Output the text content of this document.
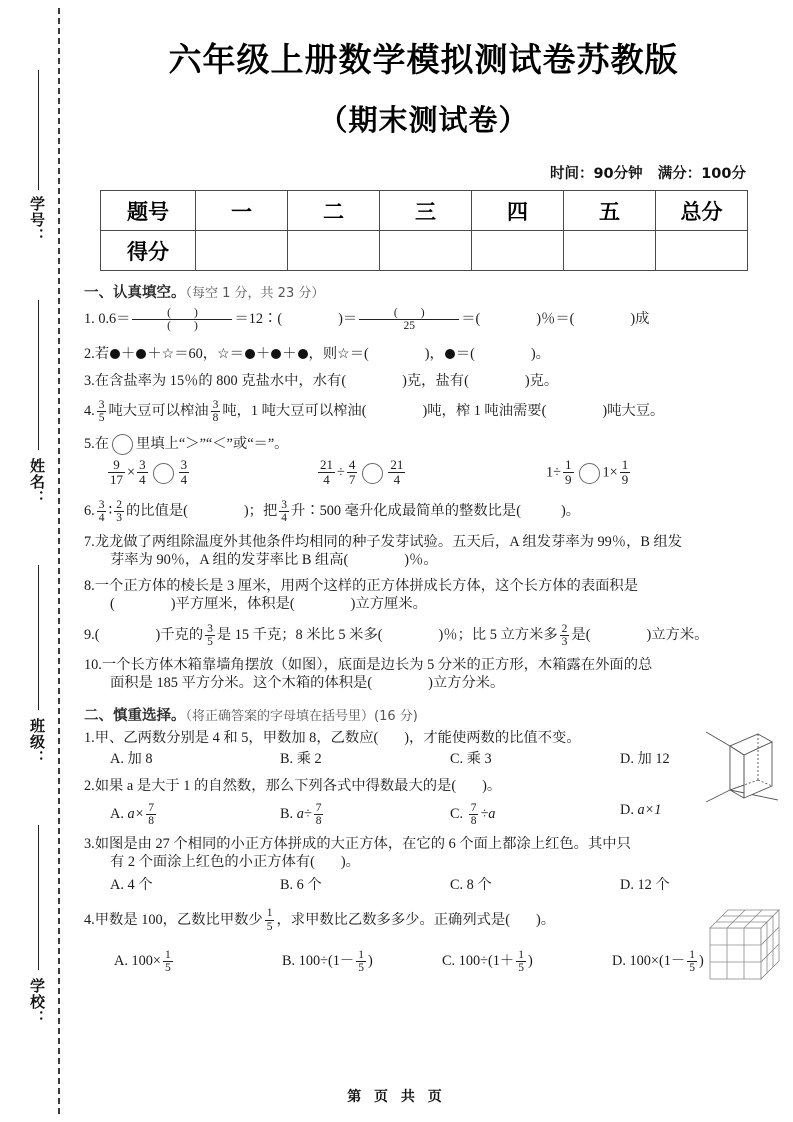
学号：
姓名：
班级：
学校：
六年级上册数学模拟测试卷苏教版
（期末测试卷）
时间：90分钟 满分：100分
题号	一	二	三	四	五	总分
得分						
一、认真填空。（每空 1 分，共 23 分）
1. $0.6= \frac{( )}{( )}$ ＝12∶(	)＝ $\frac{( )}{25}$ ＝(	)％＝(	)成
2.若 ＋ ＋☆＝60，☆＝ ＋ ＋ ，则☆＝(	)， ＝(	)。
3.在含盐率为 15％的 800 克盐水中，水有(	)克，盐有(	)克。
4. $\frac{3}{5}$ 吨大豆可以榨油 $\frac{3}{8}$ 吨，1 吨大豆可以榨油(	)吨，榨 1 吨油需要(	)吨大豆。
5.在 里填上“＞”“＜”或“＝”。
$\frac{9}{17} \times \frac{3}{4} \frac{3}{4}$	$\frac{21}{4} \div \frac{4}{7} \frac{21}{4}$	$1\div \frac{1}{9} 1\times \frac{1}{9}$
6. $\frac{3}{4}$ ∶ $\frac{2}{3}$ 的比值是(	)；把 $\frac{3}{4}$ 升∶500 毫升化成最简单的整数比是(	)。
7.龙龙做了两组除温度外其他条件均相同的种子发芽试验。五天后，A 组发芽率为 99％，B 组发
芽率为 90％，A 组的发芽率比 B 组高(	)％。
8.一个正方体的棱长是 3 厘米，用两个这样的正方体拼成长方体，这个长方体的表面积是
(	)平方厘米，体积是(	)立方厘米。
9.(	)千克的 $\frac{3}{5}$ 是 15 千克；8 米比 5 米多(	)％；比 5 立方米多 $\frac{2}{3}$ 是(	)立方米。
10.一个长方体木箱靠墙角摆放（如图），底面是边长为 5 分米的正方形，木箱露在外面的总
面积是 185 平方分米。这个木箱的体积是(	)立方分米。
二、慎重选择。（将正确答案的字母填在括号里）(16 分)
1.甲、乙两数分别是 4 和 5，甲数加 8，乙数应( )，才能使两数的比值不变。
A. 加 8	B. 乘 2	C. 乘 3	D. 加 12
2.如果 a 是大于 1 的自然数，那么下列各式中得数最大的是( )。
A. $a\times \frac{7}{8}$	B. $a\div \frac{7}{8}$	C. $\frac{7}{8} \div a$	D. a×1
3.如图是由 27 个相同的小正方体拼成的大正方体，在它的 6 个面上都涂上红色。其中只
有 2 个面涂上红色的小正方体有( )。
A. 4 个	B. 6 个	C. 8 个	D. 12 个
4.甲数是 100，乙数比甲数少 $\frac{1}{5}$ ，求甲数比乙数多多少。正确列式是( )。
A. $100\times \frac{1}{5}$	B. $100\div(1- \frac{1}{5}$ )	C. $100\div(1+ \frac{1}{5}$ )	D. $100\times(1- \frac{1}{5}$ )
第 页 共 页
